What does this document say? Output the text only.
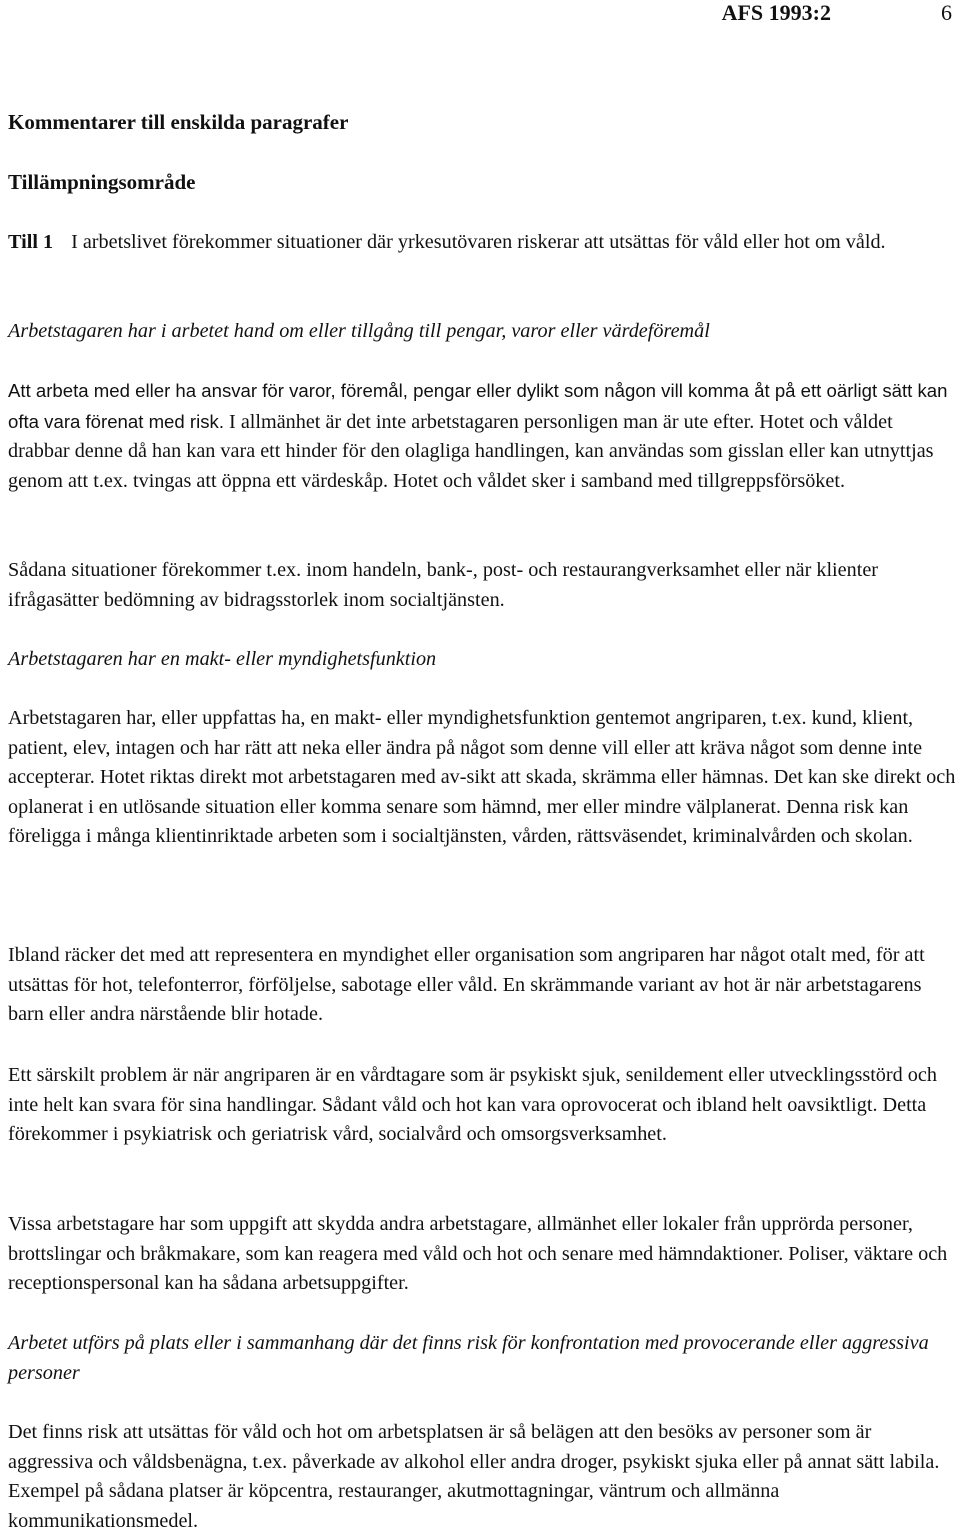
AFS 1993:2	6
Kommentarer till enskilda paragrafer
Tillämpningsområde
Till 1 I arbetslivet förekommer situationer där yrkesutövaren riskerar att utsättas för våld eller hot om våld.
Arbetstagaren har i arbetet hand om eller tillgång till pengar, varor eller värdeföremål
Att arbeta med eller ha ansvar för varor, föremål, pengar eller dylikt som någon vill komma åt på ett oärligt sätt kan ofta vara förenat med risk. I allmänhet är det inte arbetstagaren personligen man är ute efter. Hotet och våldet drabbar denne då han kan vara ett hinder för den olagliga handlingen, kan användas som gisslan eller kan utnyttjas genom att t.ex. tvingas att öppna ett värdeskåp. Hotet och våldet sker i samband med tillgreppsförsöket.
Sådana situationer förekommer t.ex. inom handeln, bank-, post- och restaurangverksamhet eller när klienter ifrågasätter bedömning av bidragsstorlek inom socialtjänsten.
Arbetstagaren har en makt- eller myndighetsfunktion
Arbetstagaren har, eller uppfattas ha, en makt- eller myndighetsfunktion gentemot angriparen, t.ex. kund, klient, patient, elev, intagen och har rätt att neka eller ändra på något som denne vill eller att kräva något som denne inte accepterar. Hotet riktas direkt mot arbetstagaren med av-sikt att skada, skrämma eller hämnas. Det kan ske direkt och oplanerat i en utlösande situation eller komma senare som hämnd, mer eller mindre välplanerat. Denna risk kan föreligga i många klientinriktade arbeten som i socialtjänsten, vården, rättsväsendet, kriminalvården och skolan.
Ibland räcker det med att representera en myndighet eller organisation som angriparen har något otalt med, för att utsättas för hot, telefonterror, förföljelse, sabotage eller våld. En skrämmande variant av hot är när arbetstagarens barn eller andra närstående blir hotade.
Ett särskilt problem är när angriparen är en vårdtagare som är psykiskt sjuk, senildement eller utvecklingsstörd och inte helt kan svara för sina handlingar. Sådant våld och hot kan vara oprovocerat och ibland helt oavsiktligt. Detta förekommer i psykiatrisk och geriatrisk vård, socialvård och omsorgsverksamhet.
Vissa arbetstagare har som uppgift att skydda andra arbetstagare, allmänhet eller lokaler från upprörda personer, brottslingar och bråkmakare, som kan reagera med våld och hot och senare med hämndaktioner. Poliser, väktare och receptionspersonal kan ha sådana arbetsuppgifter.
Arbetet utförs på plats eller i sammanhang där det finns risk för konfrontation med provocerande eller aggressiva personer
Det finns risk att utsättas för våld och hot om arbetsplatsen är så belägen att den besöks av personer som är aggressiva och våldsbenägna, t.ex. påverkade av alkohol eller andra droger, psykiskt sjuka eller på annat sätt labila. Exempel på sådana platser är köpcentra, restauranger, akutmottagningar, väntrum och allmänna kommunikationsmedel.
